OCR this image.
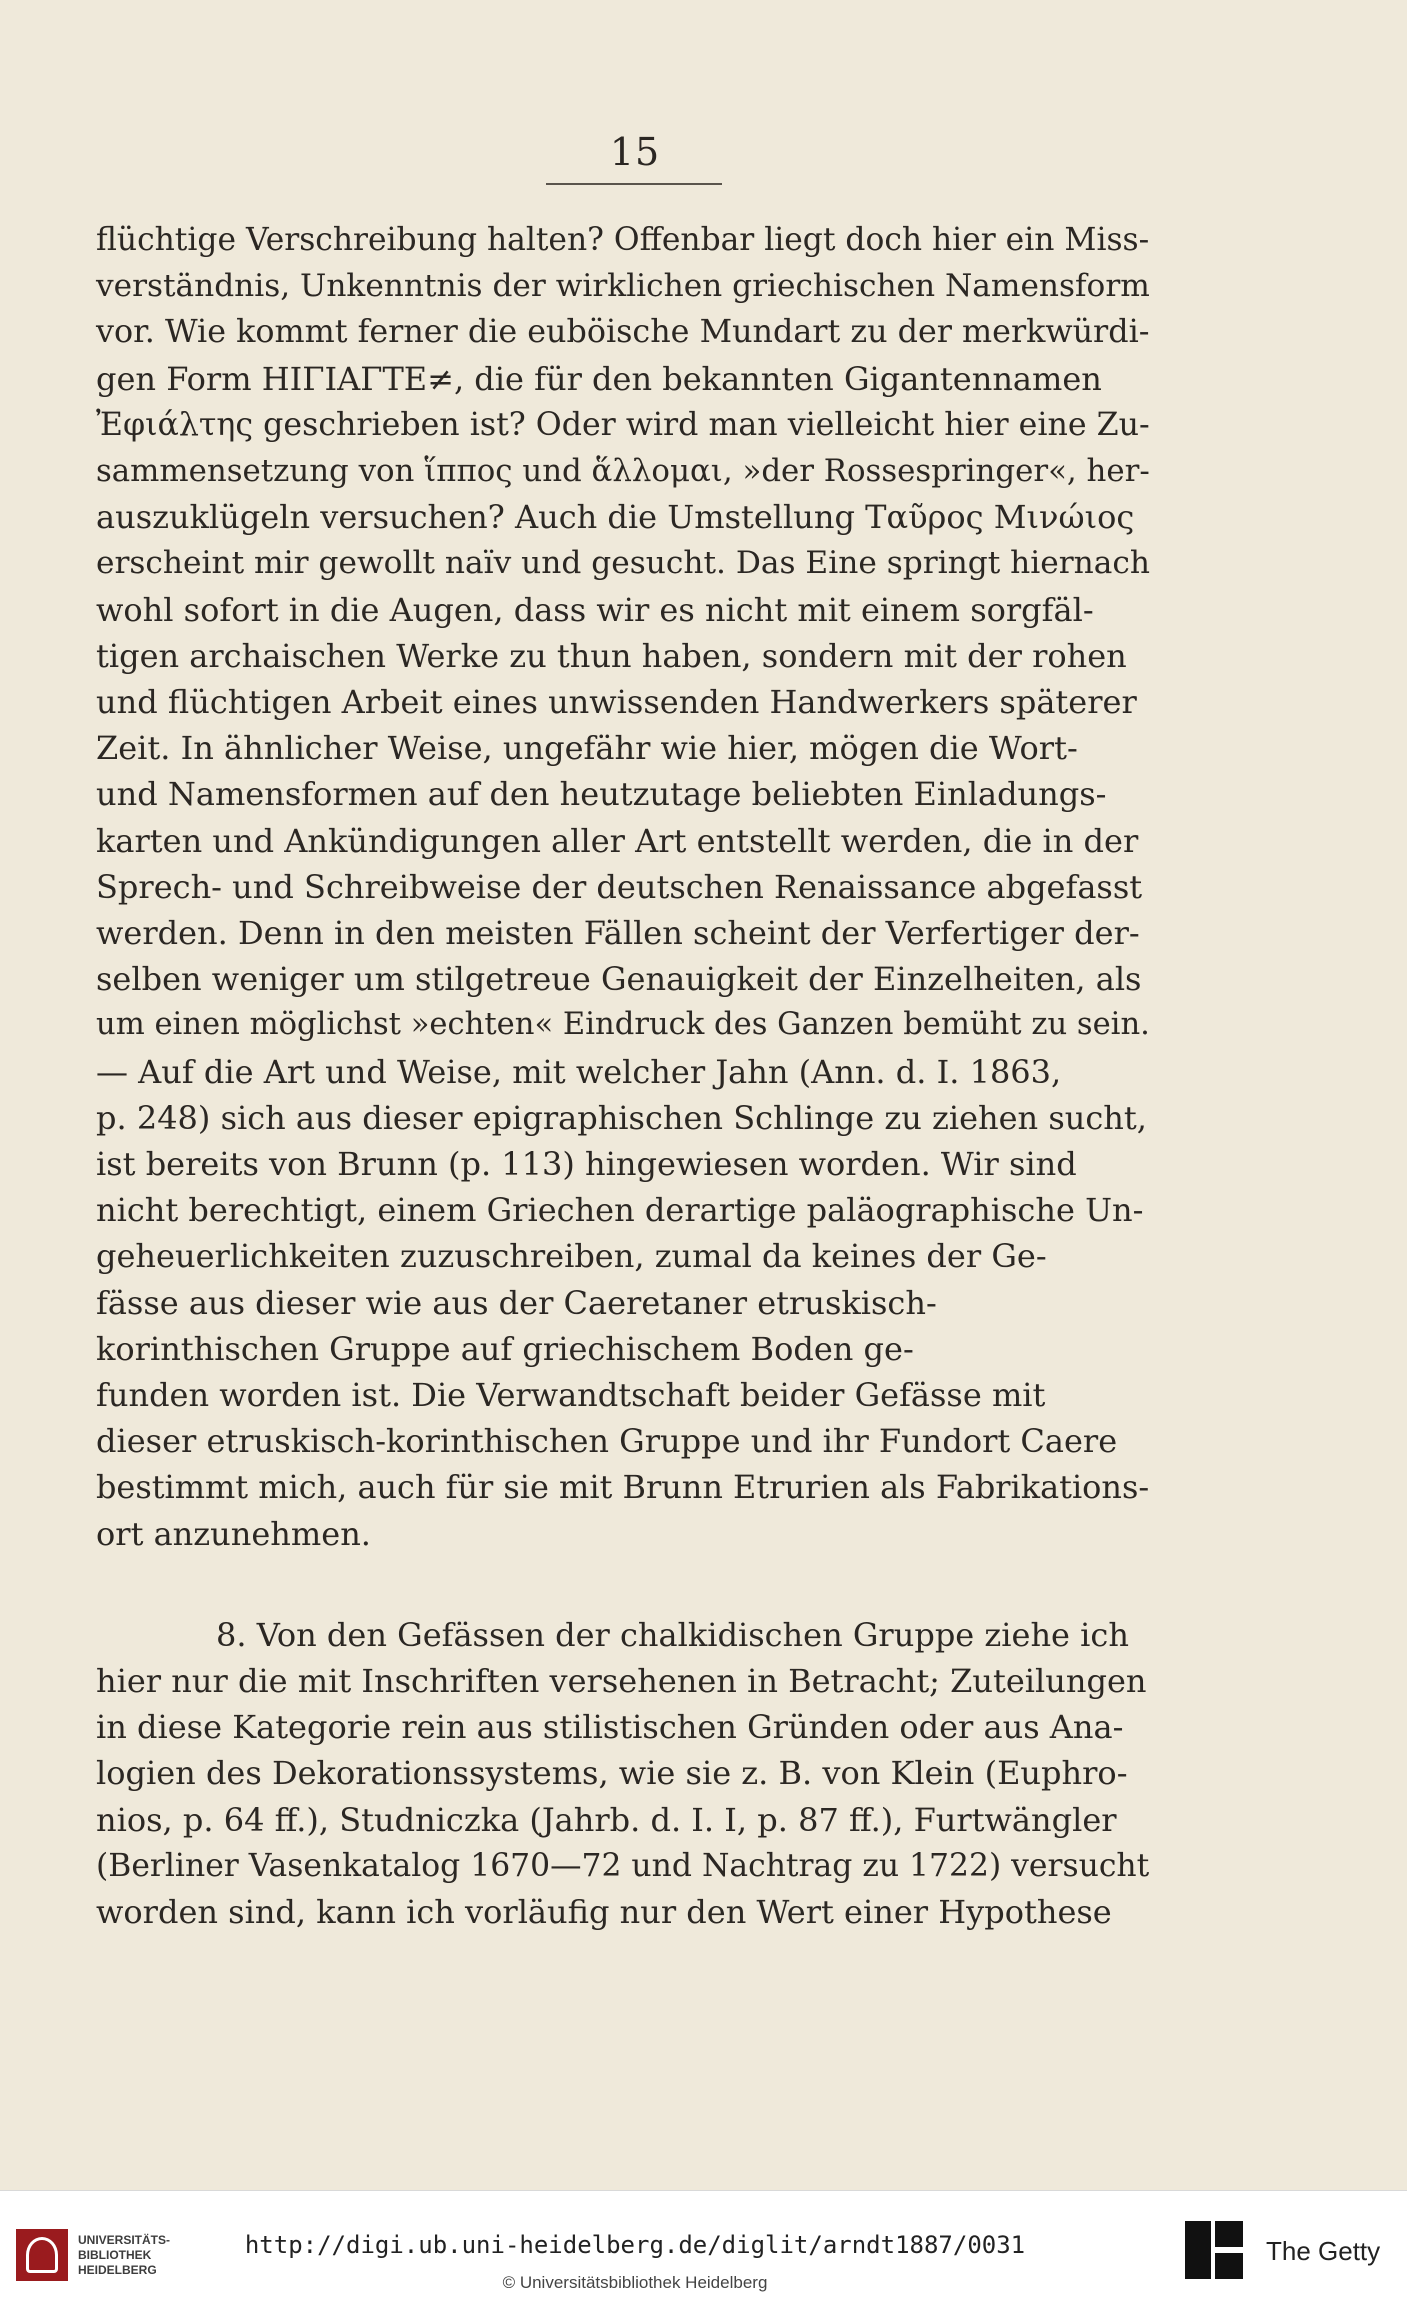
15
flüchtige Verschreibung halten? Offenbar liegt doch hier ein Miss-
verständnis, Unkenntnis der wirklichen griechischen Namensform
vor. Wie kommt ferner die euböische Mundart zu der merkwürdi-
gen Form HIΓIAΓTE≠, die für den bekannten Gigantennamen
Ἐφιάλτης geschrieben ist? Oder wird man vielleicht hier eine Zu-
sammensetzung von ἵππος und ἅλλομαι, »der Rossespringer«, her-
auszuklügeln versuchen? Auch die Umstellung Ταῦρος Μινώιος
erscheint mir gewollt naïv und gesucht. Das Eine springt hiernach
wohl sofort in die Augen, dass wir es nicht mit einem sorgfäl-
tigen archaischen Werke zu thun haben, sondern mit der rohen
und flüchtigen Arbeit eines unwissenden Handwerkers späterer
Zeit. In ähnlicher Weise, ungefähr wie hier, mögen die Wort-
und Namensformen auf den heutzutage beliebten Einladungs-
karten und Ankündigungen aller Art entstellt werden, die in der
Sprech- und Schreibweise der deutschen Renaissance abgefasst
werden. Denn in den meisten Fällen scheint der Verfertiger der-
selben weniger um stilgetreue Genauigkeit der Einzelheiten, als
um einen möglichst »echten« Eindruck des Ganzen bemüht zu sein.
— Auf die Art und Weise, mit welcher Jahn (Ann. d. I. 1863,
p. 248) sich aus dieser epigraphischen Schlinge zu ziehen sucht,
ist bereits von Brunn (p. 113) hingewiesen worden. Wir sind
nicht berechtigt, einem Griechen derartige paläographische Un-
geheuerlichkeiten zuzuschreiben, zumal da keines der Ge-
fässe aus dieser wie aus der Caeretaner etruskisch-
korinthischen Gruppe auf griechischem Boden ge-
funden worden ist. Die Verwandtschaft beider Gefässe mit
dieser etruskisch-korinthischen Gruppe und ihr Fundort Caere
bestimmt mich, auch für sie mit Brunn Etrurien als Fabrikations-
ort anzunehmen.
8. Von den Gefässen der chalkidischen Gruppe ziehe ich
hier nur die mit Inschriften versehenen in Betracht; Zuteilungen
in diese Kategorie rein aus stilistischen Gründen oder aus Ana-
logien des Dekorationssystems, wie sie z. B. von Klein (Euphro-
nios, p. 64 ff.), Studniczka (Jahrb. d. I. I, p. 87 ff.), Furtwängler
(Berliner Vasenkatalog 1670—72 und Nachtrag zu 1722) versucht
worden sind, kann ich vorläufig nur den Wert einer Hypothese
UNIVERSITÄTS-
BIBLIOTHEK
HEIDELBERG
http://digi.ub.uni-heidelberg.de/diglit/arndt1887/0031
© Universitätsbibliothek Heidelberg
The Getty
